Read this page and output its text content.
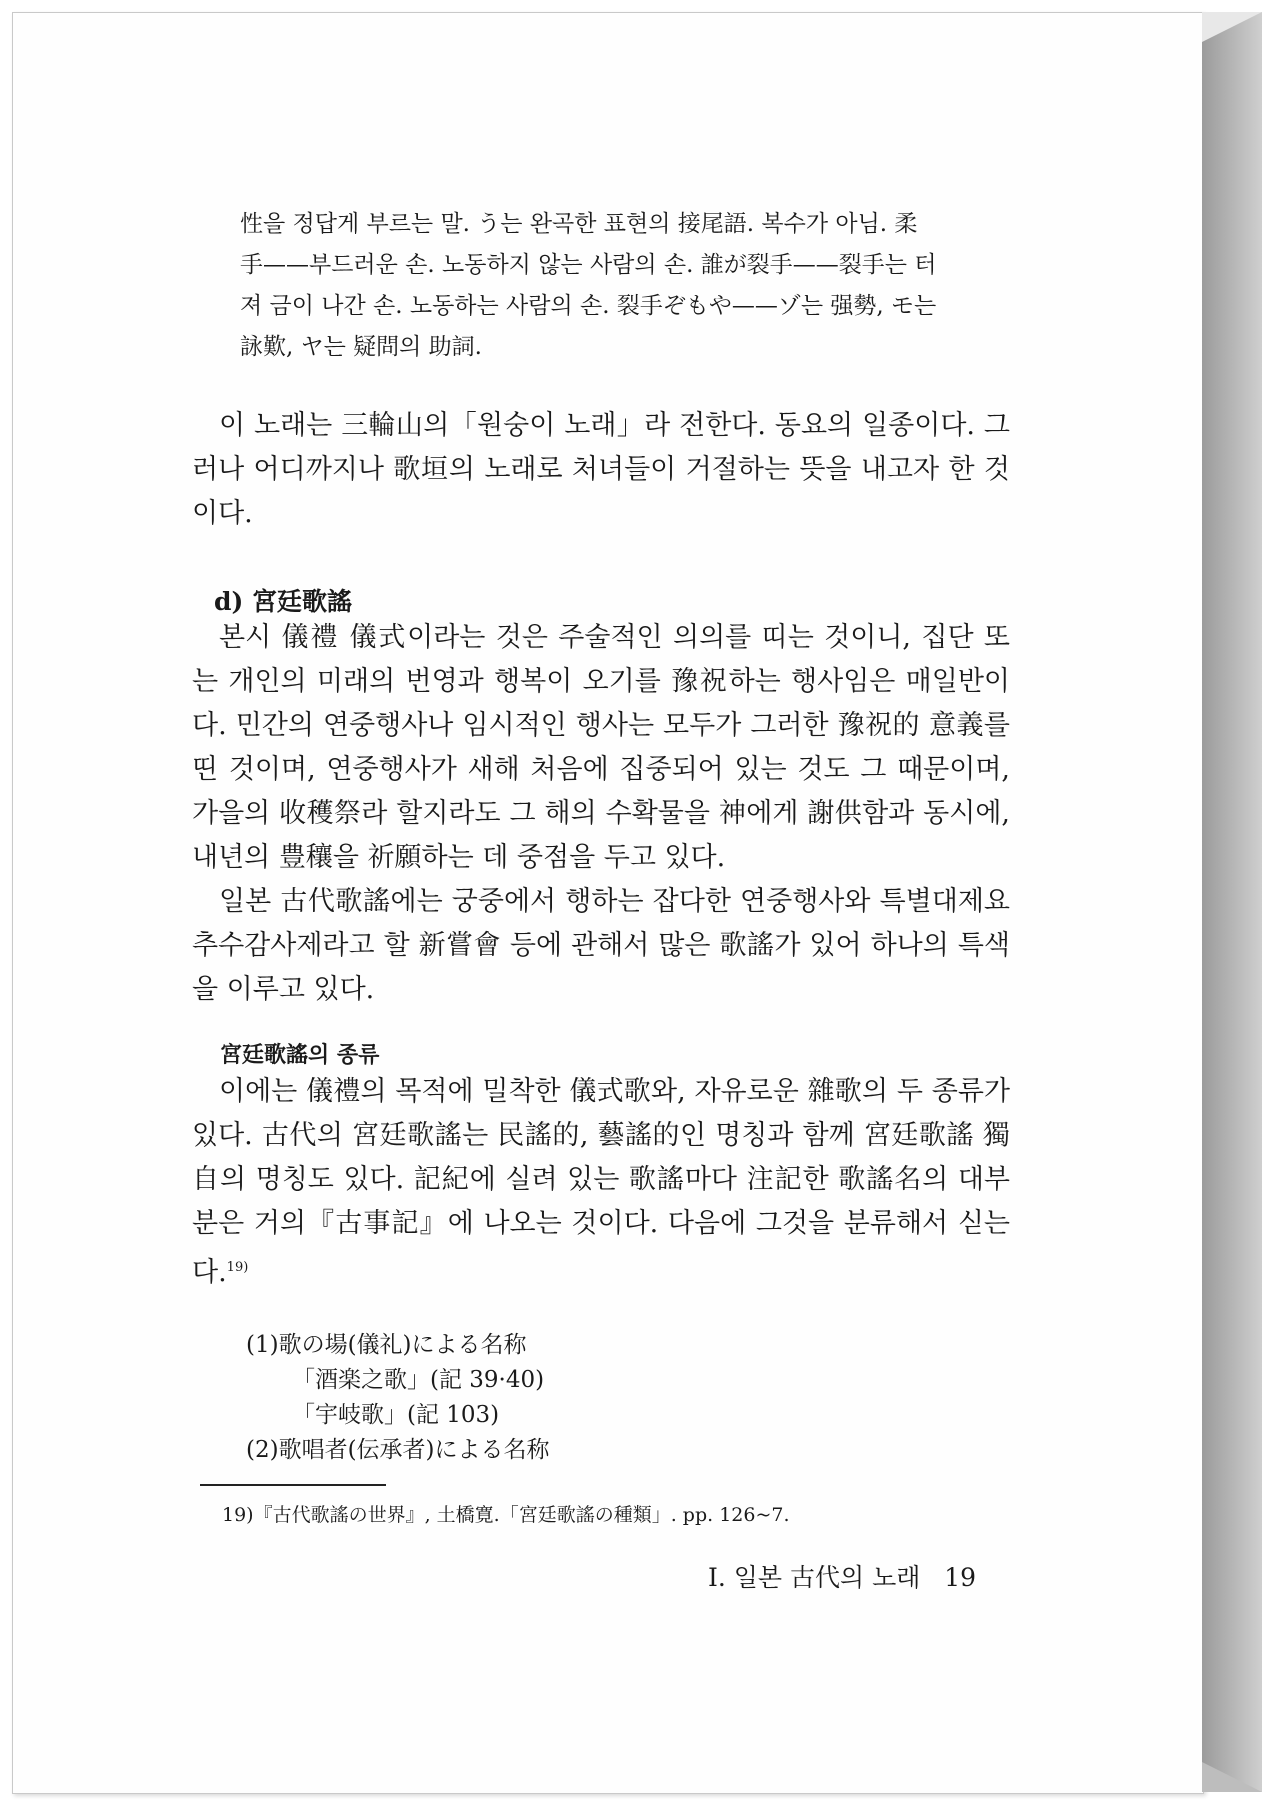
性을 정답게 부르는 말. う는 완곡한 표현의 接尾語. 복수가 아님. 柔

手——부드러운 손. 노동하지 않는 사람의 손. 誰が裂手——裂手는 터

져 금이 나간 손. 노동하는 사람의 손. 裂手ぞもや——ゾ는 强勢, モ는

詠歎, ヤ는 疑問의 助詞.

이 노래는 三輪山의「원숭이 노래」라 전한다. 동요의 일종이다. 그러나 어디까지나 歌垣의 노래로 처녀들이 거절하는 뜻을 내고자 한 것이다.

d) 宮廷歌謠

본시 儀禮 儀式이라는 것은 주술적인 의의를 띠는 것이니, 집단 또는 개인의 미래의 번영과 행복이 오기를 豫祝하는 행사임은 매일반이다. 민간의 연중행사나 임시적인 행사는 모두가 그러한 豫祝的 意義를 띤 것이며, 연중행사가 새해 처음에 집중되어 있는 것도 그 때문이며, 가을의 收穫祭라 할지라도 그 해의 수확물을 神에게 謝供함과 동시에, 내년의 豊穰을 祈願하는 데 중점을 두고 있다.

일본 古代歌謠에는 궁중에서 행하는 잡다한 연중행사와 특별대제요 추수감사제라고 할 新嘗會 등에 관해서 많은 歌謠가 있어 하나의 특색을 이루고 있다.

宮廷歌謠의 종류

이에는 儀禮의 목적에 밀착한 儀式歌와, 자유로운 雜歌의 두 종류가 있다. 古代의 宮廷歌謠는 民謠的, 藝謠的인 명칭과 함께 宮廷歌謠 獨自의 명칭도 있다. 記紀에 실려 있는 歌謠마다 注記한 歌謠名의 대부분은 거의『古事記』에 나오는 것이다. 다음에 그것을 분류해서 싣는다.$^{19)}$

(1)歌の場(儀礼)による名称
「酒楽之歌」(記 39·40)
「宇岐歌」(記 103)
(2)歌唱者(伝承者)による名称

19)『古代歌謠の世界』, 土橋寛.「宮廷歌謠の種類」. pp. 126~7.

I. 일본 古代의 노래 19
